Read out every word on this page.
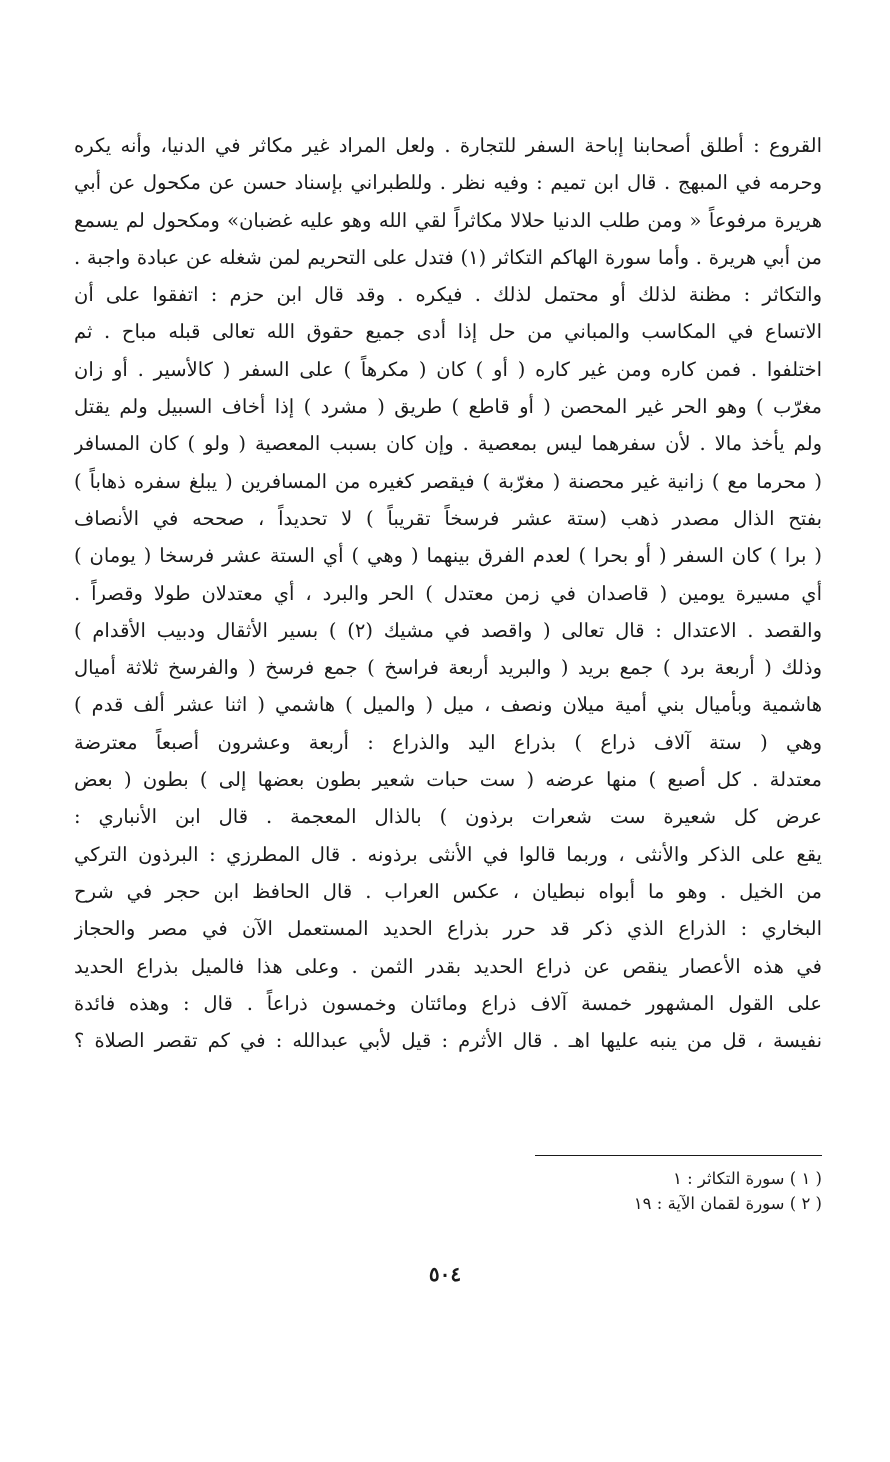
القروع : أطلق أصحابنا إباحة السفر للتجارة . ولعل المراد غير مكاثر في الدنيا، وأنه يكره
وحرمه في المبهج . قال ابن تميم : وفيه نظر . وللطبراني بإسناد حسن عن مكحول عن أبي
هريرة مرفوعاً « ومن طلب الدنيا حلالا مكاثراً لقي الله وهو عليه غضبان» ومكحول لم يسمع
من أبي هريرة . وأما سورة الهاكم التكاثر (١) فتدل على التحريم لمن شغله عن عبادة واجبة .
والتكاثر : مظنة لذلك أو محتمل لذلك . فيكره . وقد قال ابن حزم : اتفقوا على أن
الاتساع في المكاسب والمباني من حل إذا أدى جميع حقوق الله تعالى قبله مباح . ثم
اختلفوا . فمن كاره ومن غير كاره ( أو ) كان ( مكرهاً ) على السفر ( كالأسير . أو زان
مغرّب ) وهو الحر غير المحصن ( أو قاطع ) طريق ( مشرد ) إذا أخاف السبيل ولم يقتل
ولم يأخذ مالا . لأن سفرهما ليس بمعصية . وإن كان بسبب المعصية ( ولو ) كان المسافر
( محرما مع ) زانية غير محصنة ( مغرّبة ) فيقصر كغيره من المسافرين ( يبلغ سفره ذهاباً )
بفتح الذال مصدر ذهب (ستة عشر فرسخاً تقريباً ) لا تحديداً ، صححه في الأنصاف
( برا ) كان السفر ( أو بحرا ) لعدم الفرق بينهما ( وهي ) أي الستة عشر فرسخا ( يومان )
أي مسيرة يومين ( قاصدان في زمن معتدل ) الحر والبرد ، أي معتدلان طولا وقصراً .
والقصد . الاعتدال : قال تعالى ( واقصد في مشيك (٢) ) بسير الأثقال ودبيب الأقدام )
وذلك ( أربعة برد ) جمع بريد ( والبريد أربعة فراسخ ) جمع فرسخ ( والفرسخ ثلاثة أميال
هاشمية وبأميال بني أمية ميلان ونصف ، ميل ( والميل ) هاشمي ( اثنا عشر ألف قدم )
وهي ( ستة آلاف ذراع ) بذراع اليد والذراع : أربعة وعشرون أصبعاً معترضة
معتدلة . كل أصبع ) منها عرضه ( ست حبات شعير بطون بعضها إلى ) بطون ( بعض
عرض كل شعيرة ست شعرات برذون ) بالذال المعجمة . قال ابن الأنباري :
يقع على الذكر والأنثى ، وربما قالوا في الأنثى برذونه . قال المطرزي : البرذون التركي
من الخيل . وهو ما أبواه نبطيان ، عكس العراب . قال الحافظ ابن حجر في شرح
البخاري : الذراع الذي ذكر قد حرر بذراع الحديد المستعمل الآن في مصر والحجاز
في هذه الأعصار ينقص عن ذراع الحديد بقدر الثمن . وعلى هذا فالميل بذراع الحديد
على القول المشهور خمسة آلاف ذراع ومائتان وخمسون ذراعاً . قال : وهذه فائدة
نفيسة ، قل من ينبه عليها اهـ . قال الأثرم : قيل لأبي عبدالله : في كم تقصر الصلاة ؟
( ١ ) سورة التكاثر : ١
( ٢ ) سورة لقمان الآية : ١٩
٥٠٤
